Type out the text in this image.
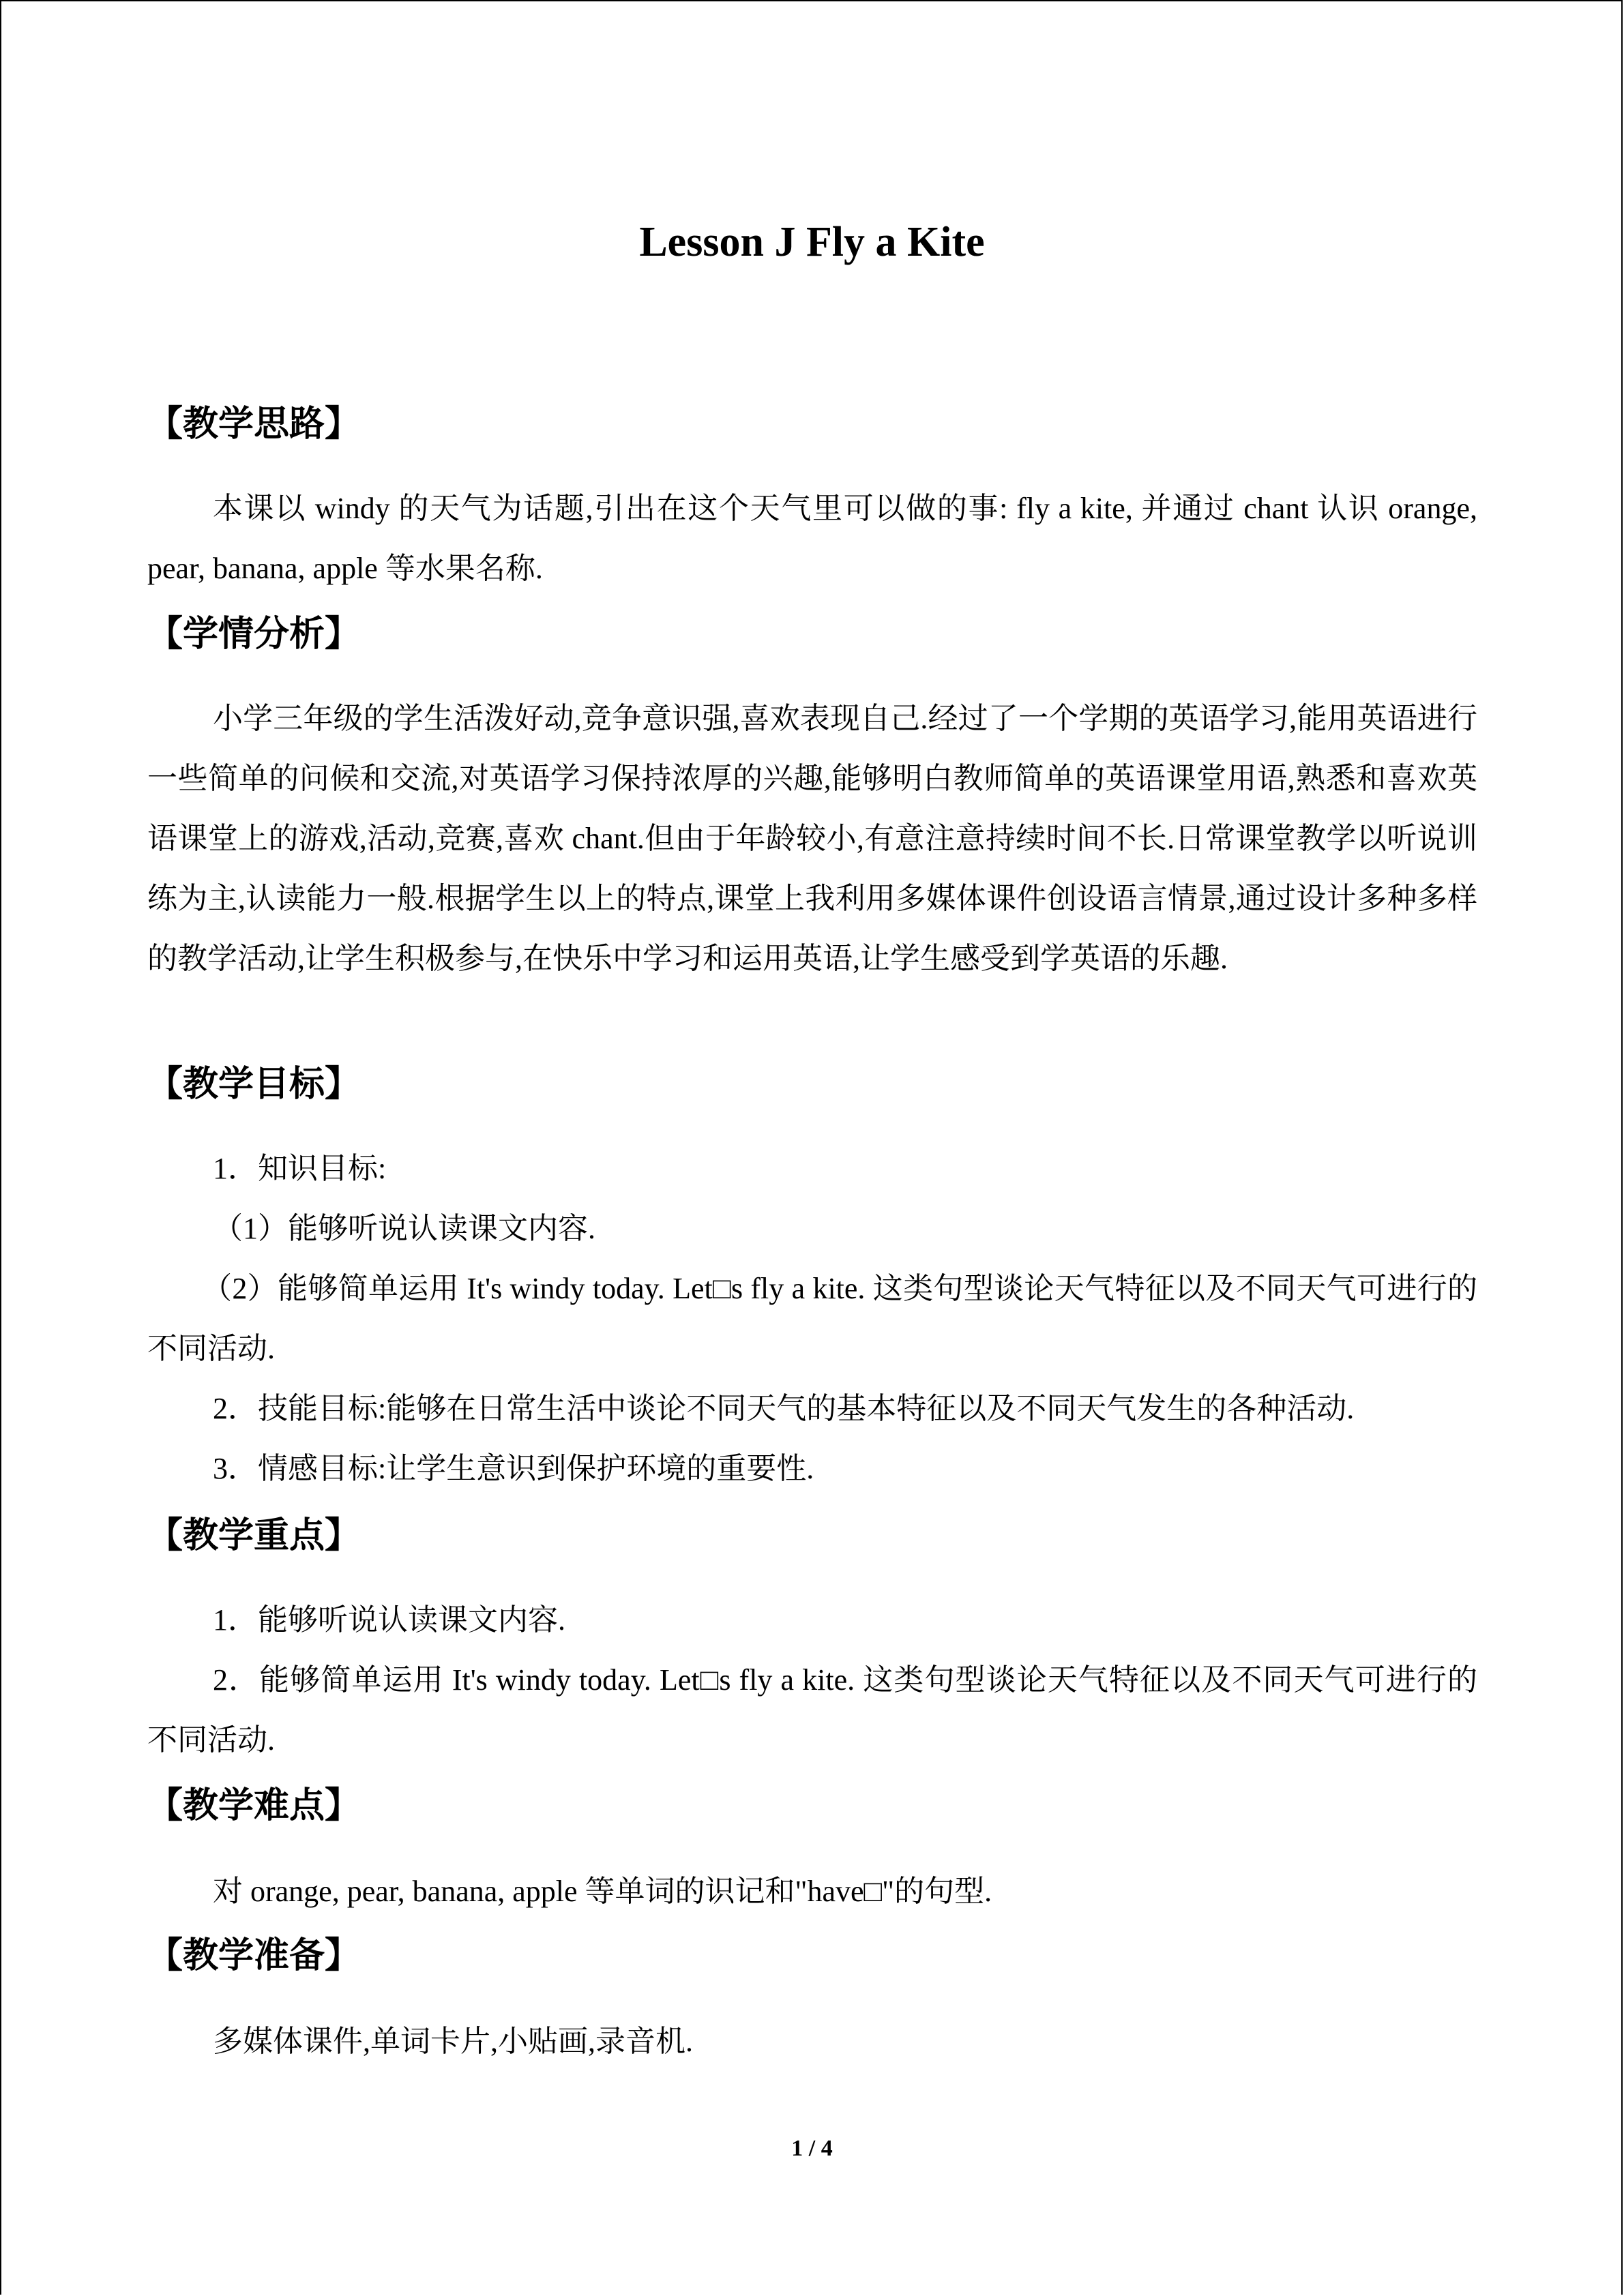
Lesson J Fly a Kite
【教学思路】
本课以 windy 的天气为话题,引出在这个天气里可以做的事: fly a kite, 并通过 chant 认识 orange, pear, banana, apple 等水果名称.
【学情分析】
小学三年级的学生活泼好动,竞争意识强,喜欢表现自己.经过了一个学期的英语学习,能用英语进行一些简单的问候和交流,对英语学习保持浓厚的兴趣,能够明白教师简单的英语课堂用语,熟悉和喜欢英语课堂上的游戏,活动,竞赛,喜欢 chant.但由于年龄较小,有意注意持续时间不长.日常课堂教学以听说训练为主,认读能力一般.根据学生以上的特点,课堂上我利用多媒体课件创设语言情景,通过设计多种多样的教学活动,让学生积极参与,在快乐中学习和运用英语,让学生感受到学英语的乐趣.
【教学目标】
1．知识目标:
（1）能够听说认读课文内容.
（2）能够简单运用 It's windy today. Let□s fly a kite. 这类句型谈论天气特征以及不同天气可进行的不同活动.
2．技能目标:能够在日常生活中谈论不同天气的基本特征以及不同天气发生的各种活动.
3．情感目标:让学生意识到保护环境的重要性.
【教学重点】
1．能够听说认读课文内容.
2．能够简单运用 It's windy today. Let□s fly a kite. 这类句型谈论天气特征以及不同天气可进行的不同活动.
【教学难点】
对 orange, pear, banana, apple 等单词的识记和"have□"的句型.
【教学准备】
多媒体课件,单词卡片,小贴画,录音机.
1 / 4
